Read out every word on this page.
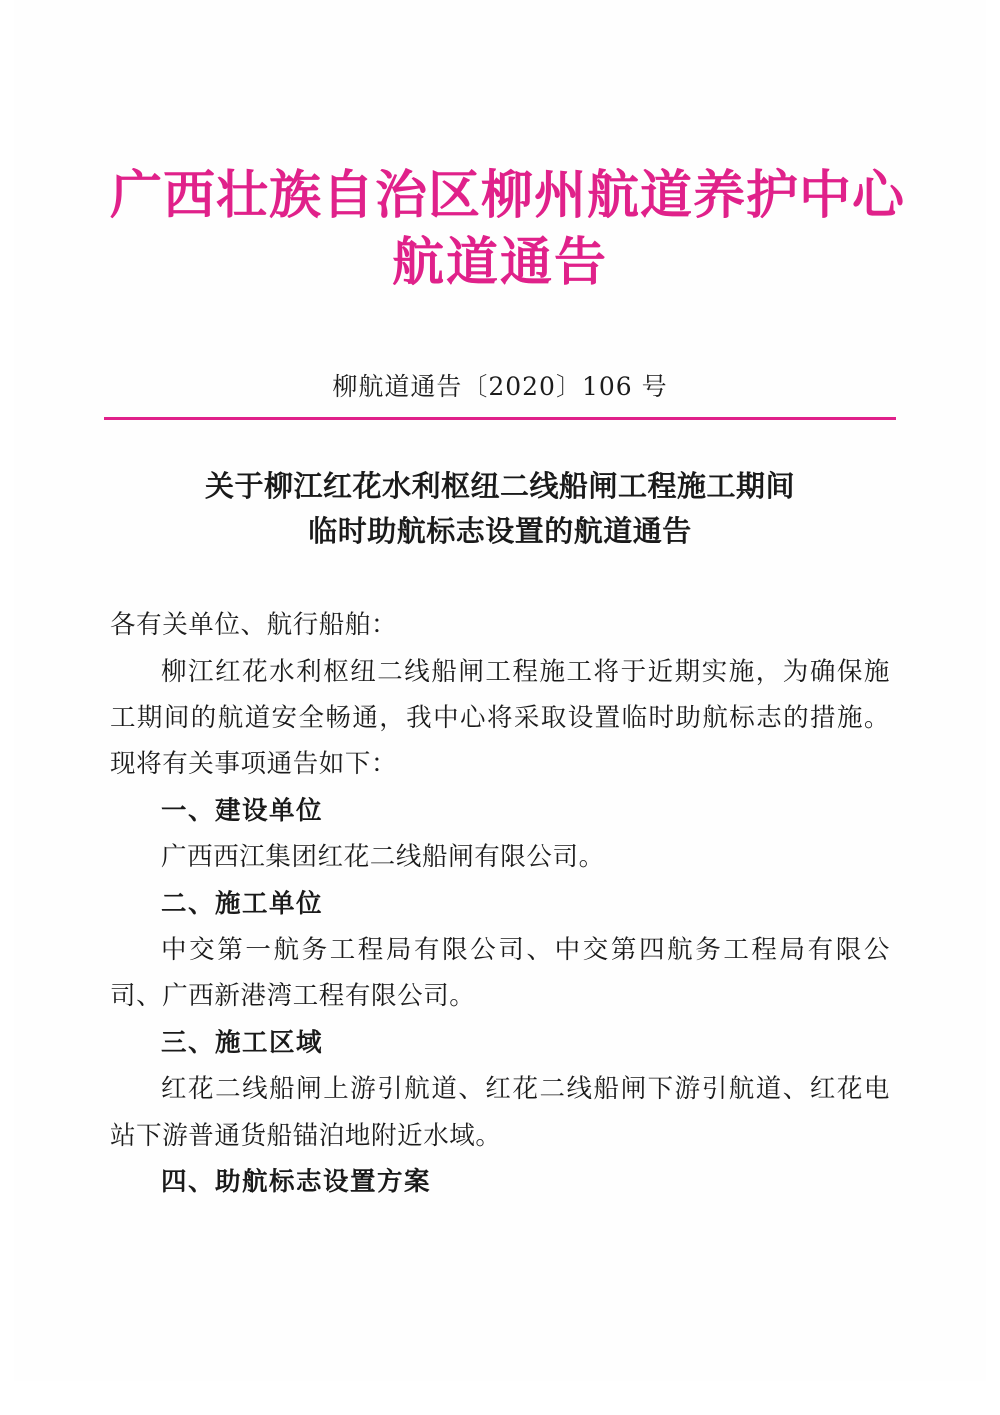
广西壮族自治区柳州航道养护中心
航道通告
柳航道通告〔2020〕106 号
关于柳江红花水利枢纽二线船闸工程施工期间
临时助航标志设置的航道通告

各有关单位、航行船舶：

柳江红花水利枢纽二线船闸工程施工将于近期实施，为确保施工期间的航道安全畅通，我中心将采取设置临时助航标志的措施。现将有关事项通告如下：

一、建设单位

广西西江集团红花二线船闸有限公司。

二、施工单位

中交第一航务工程局有限公司、中交第四航务工程局有限公司、广西新港湾工程有限公司。

三、施工区域

红花二线船闸上游引航道、红花二线船闸下游引航道、红花电站下游普通货船锚泊地附近水域。

四、助航标志设置方案
